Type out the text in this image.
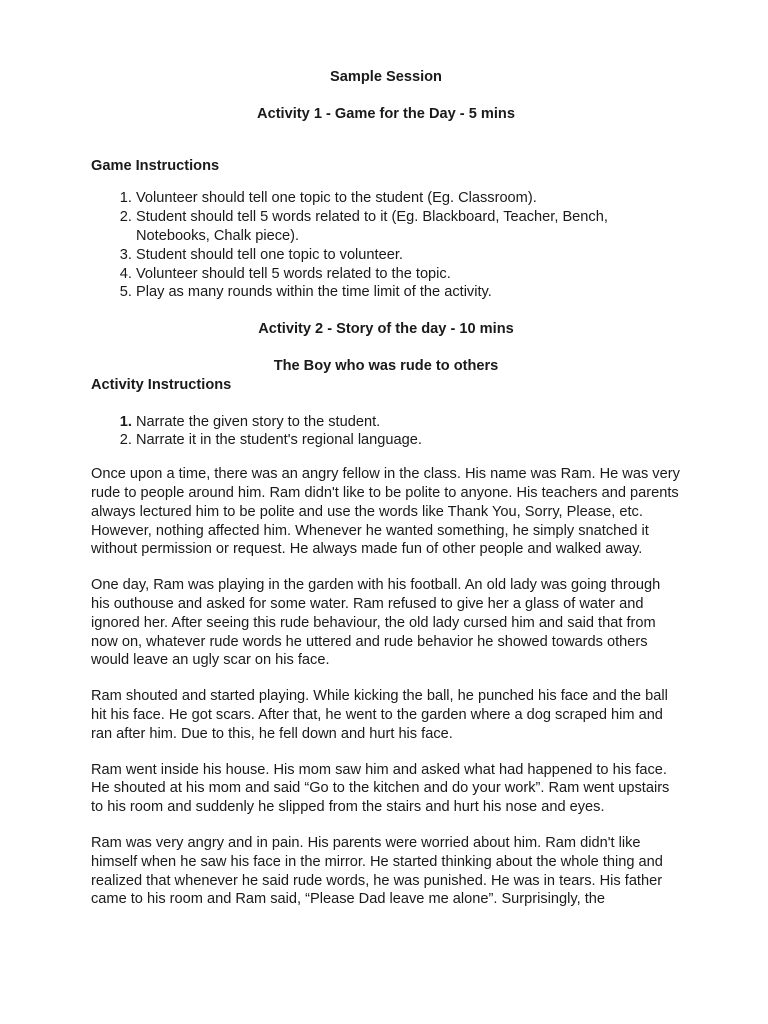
Sample Session

Activity 1 - Game for the Day - 5 mins

Game Instructions

1. Volunteer should tell one topic to the student (Eg. Classroom).
2. Student should tell 5 words related to it (Eg. Blackboard, Teacher, Bench, Notebooks, Chalk piece).
3. Student should tell one topic to volunteer.
4. Volunteer should tell 5 words related to the topic.
5. Play as many rounds within the time limit of the activity.

Activity 2 - Story of the day - 10 mins

The Boy who was rude to others

Activity Instructions

1. Narrate the given story to the student.
2. Narrate it in the student's regional language.

Once upon a time, there was an angry fellow in the class. His name was Ram. He was very rude to people around him. Ram didn't like to be polite to anyone. His teachers and parents always lectured him to be polite and use the words like Thank You, Sorry, Please, etc. However, nothing affected him. Whenever he wanted something, he simply snatched it without permission or request. He always made fun of other people and walked away.

One day, Ram was playing in the garden with his football. An old lady was going through his outhouse and asked for some water. Ram refused to give her a glass of water and ignored her. After seeing this rude behaviour, the old lady cursed him and said that from now on, whatever rude words he uttered and rude behavior he showed towards others would leave an ugly scar on his face.

Ram shouted and started playing. While kicking the ball, he punched his face and the ball hit his face. He got scars. After that, he went to the garden where a dog scraped him and ran after him. Due to this, he fell down and hurt his face.

Ram went inside his house. His mom saw him and asked what had happened to his face. He shouted at his mom and said “Go to the kitchen and do your work”. Ram went upstairs to his room and suddenly he slipped from the stairs and hurt his nose and eyes.

Ram was very angry and in pain. His parents were worried about him. Ram didn't like himself when he saw his face in the mirror. He started thinking about the whole thing and realized that whenever he said rude words, he was punished. He was in tears. His father came to his room and Ram said, “Please Dad leave me alone”. Surprisingly, the
